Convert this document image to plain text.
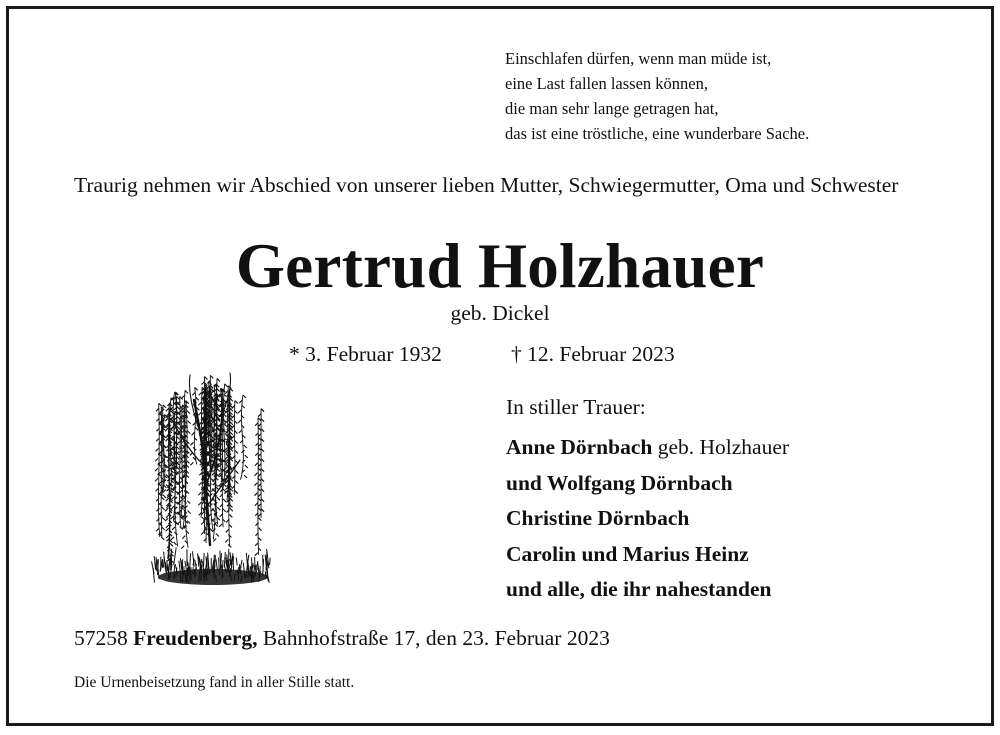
Einschlafen dürfen, wenn man müde ist,
eine Last fallen lassen können,
die man sehr lange getragen hat,
das ist eine tröstliche, eine wunderbare Sache.
Traurig nehmen wir Abschied von unserer lieben Mutter, Schwiegermutter, Oma und Schwester
Gertrud Holzhauer
geb. Dickel
* 3. Februar 1932	† 12. Februar 2023
In stiller Trauer:
Anne Dörnbach geb. Holzhauer
und Wolfgang Dörnbach
Christine Dörnbach
Carolin und Marius Heinz
und alle, die ihr nahestanden
57258 Freudenberg, Bahnhofstraße 17, den 23. Februar 2023
Die Urnenbeisetzung fand in aller Stille statt.
